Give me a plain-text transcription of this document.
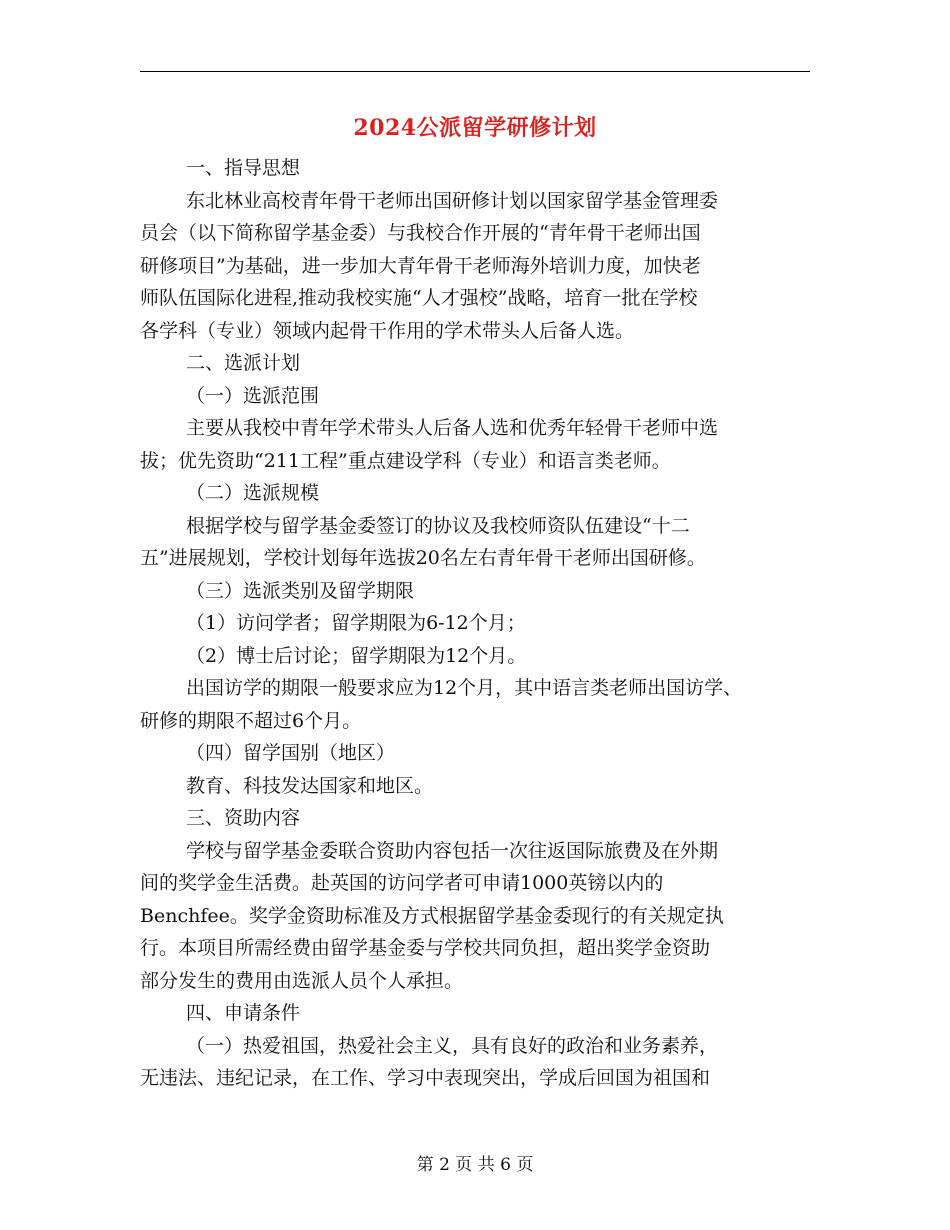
2024公派留学研修计划

一、指导思想

东北林业高校青年骨干老师出国研修计划以国家留学基金管理委
员会（以下简称留学基金委）与我校合作开展的“青年骨干老师出国
研修项目”为基础，进一步加大青年骨干老师海外培训力度，加快老
师队伍国际化进程,推动我校实施“人才强校”战略，培育一批在学校
各学科（专业）领域内起骨干作用的学术带头人后备人选。

二、选派计划

（一）选派范围

主要从我校中青年学术带头人后备人选和优秀年轻骨干老师中选
拔；优先资助“211工程”重点建设学科（专业）和语言类老师。

（二）选派规模

根据学校与留学基金委签订的协议及我校师资队伍建设“十二
五”进展规划，学校计划每年选拔20名左右青年骨干老师出国研修。

（三）选派类别及留学期限

（1）访问学者；留学期限为6-12个月；

（2）博士后讨论；留学期限为12个月。

出国访学的期限一般要求应为12个月，其中语言类老师出国访学、
研修的期限不超过6个月。

（四）留学国别（地区）

教育、科技发达国家和地区。

三、资助内容

学校与留学基金委联合资助内容包括一次往返国际旅费及在外期
间的奖学金生活费。赴英国的访问学者可申请1000英镑以内的
Benchfee。奖学金资助标准及方式根据留学基金委现行的有关规定执
行。本项目所需经费由留学基金委与学校共同负担，超出奖学金资助
部分发生的费用由选派人员个人承担。

四、申请条件

（一）热爱祖国，热爱社会主义，具有良好的政治和业务素养，
无违法、违纪记录，在工作、学习中表现突出，学成后回国为祖国和

第 2 页 共 6 页
